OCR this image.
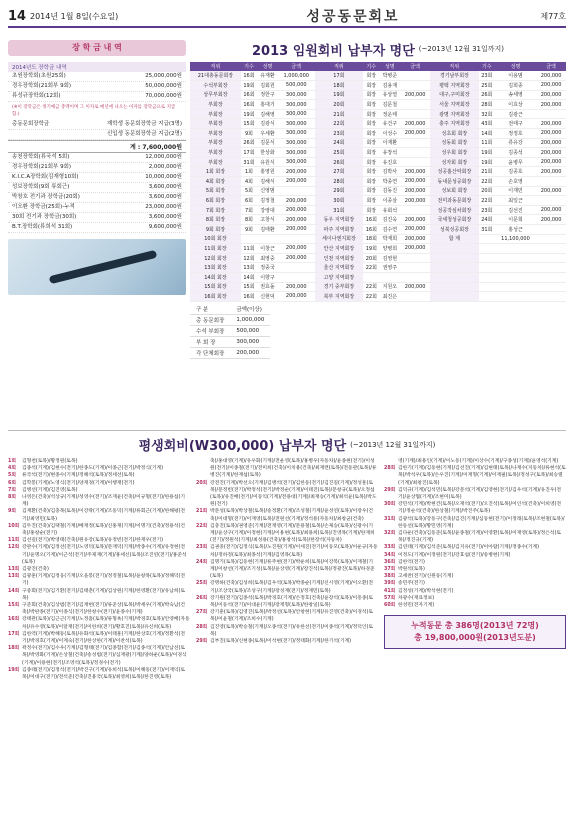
14 2014년 1월 8일(수요일)	성공동문회보	제77호
장 학 금 내 역
2014년도 장학금 내역
초원장학회(초원25회)	25,000,000원
경우장학회(21회부 9회)	50,000,000원
류성규장학회(12회)	70,000,000원
(※이 장학금은 정기예금 총액이며 그 이자로 매년에 나오는 이자를 장학금으로 지급함.)
총동문회장학금	재학생 동문회장학금 지급(3명)
신입생 동문회장학금 지급(2명)
계 : 7,600,000원
송천장학회(류국석 5회)	12,000,000원
경우장학회(21회부 9회)	2,000,000원
K.I.C.A장학회(김재형10회)	10,000,000원
성보장학회(9회 류회근)	3,600,000원
박창호 전기과 장학금(20회)	3,600,000원
이오환 장학금(25회)-누적	23,000,000원
30회 전기과 장학금(30회)	3,600,000원
B.T.장학회(류희석 31회)	9,600,000원
2013 임원회비 납부자 명단 (~2013년 12월 31일까지)
직위	기수	성명	금액	직위	기수	성명	금액	직위	기수	성명	금액
21대총동문회장	16회	유재환	1,000,000	17회	회장	박병준		경기남부회장	23회	이용범	200,000
수석부회장	19회	김회원	500,000	18회	회장	김용재		평택 지역회장	25회	김희종	200,000
상무부회장	16회	정한구	300,000	19회	회장	유상열	200,000	대구,구미회장	26회	송세영	200,000
부회장	16회	홍대기	300,000	20회	회장	김문철		서울 지역회장	28회	이효상	200,000
부회장	19회	김해영	300,000	21회	회장	정운태		광명 지역회장	32회	김광근	
부회장	15회	김광식	300,000	22회	회장	유건구	200,000	충주 지역회장	43회	전태구	200,000
부회장	9회	우세환	300,000	23회	회장	이성수	200,000	성초회 회장	14회	정정호	200,000
부회장	26회	김문식	300,000	24회	회장	이재환		성동회 회장	11회	류유강	200,000
부회장	17회	한상화	300,000	25회	회장	유장석		성우회 회장	19회	김종석	200,000
부회장	31회	유원식	300,000	26회	회장	유진호		성자회 회장	19회	윤병무	200,000
1회 회장	1회	홍영원	200,000	27회	회장	김박사	200,000	성공홈산악회장	21회	김종호	200,000
4회 회장	4회	김해식	200,000	28회	회장	박종연	200,000	동내문성공회장	22회	손호영	
5회 회장	5회	신영범		29회	회장	김동진	200,000	성보회 회장	20회	이재민	200,000
6회 회장	6회	김정철	200,000	30회	회장	이종삼	200,000	전미과동문회장	22회	최일근	
7회 회장	7회	강영대	200,000	31회	회장	유회석		성공작심차회장	23회	김선진	200,000
8회 회장	8회	고창식	200,000	동우 지역회장	16회	김진욱	200,000	국세청성공회장	24회	이문희	200,000
9회 회장	9회	김태환	200,000	파주 지역회장	16회	김수연	200,000	성북성공회장	31회	홍성근	
10회 회장				세이나엔지회장	18회	박재희	200,000	합 계		11,100,000	
11회 회장	11회	이창근	200,000	안산 지역회장	19회	양병희	200,000				
12회 회장	12회	최영중	200,000	인천 지역회장	20회	김영현					
13회 회장	13회	정종국		울산 지역회장	22회	권영주					
14회 회장	14회	이향구		고양 지역회장							
15회 회장	15회	권효돌	200,000	경기 중부회장	22회	지원오	200,000				
16회 회장	16회	신현덕	200,000	북부 지역회장	22회	최진은					
구 분	금액(이상)
총 동문회장	1,000,000
수석 부회장	500,000
부 회 장	300,000
각 단체회장	200,000
평생회비(W300,000) 납부자 명단 (~2013년 12월 31일까지)
1회	김형천(토목)/황정원(토목)
4회	김종석(기계)/김현수(전기)/한종도(기계)/이종근(전기)/박정식(기계)
5회	류국석(전기)/변종수(기계)/정해석(토목)/정세선(토목)
6회	김학봉(기계)/노영식(전기)/양재경(기계)/이행재(전기)
7회	김병선(기계)/김진영(토목)
8회	나영돈(건축)/석상규(기계)/성영수(전기)/조재윤(건축)/이규형(전기)/한용섭(기계)
9회	김재환(건축)/김충목(토목)/이강락(기계)/조동덕(기계)/류회근(기계)/한해평(전기)/최영민(토목)
10회 김두진(건축)/김택철(기계)/배재정(토목)/신홍재(기계)/이명기(건축)/정용석(건축)/홍창순(전기)
11회 김선길(전기)/박영태(건축)/원유강(토목)/유정빈(전기)/한재우(전기)
12회 강관수(기계)/김정선(전기)/노영덕(토목)/문재덕(기계)/박종수(기계)/유정현(전기)/윤명오(기계)/이근석(전기)/주제재(기계)/홍세신(토목)/조진연(전기)/홍준석(토목)
13회 김광진(건축)
13회 김광훈(기계)/김정웅(기계)/오을봉(전기)/정정철(토목)/윤창목(토목)/정해덕(전기)
14회 구중회(전기)/김기환(전기)/김태춘(기계)/김상원(기계)/한영환(전기)/유남희(토목)
15회 구준회(건축)/김상범(전기)/김재헌(전기)/류준상(토목)/박세우(기계)/박숙남(건축)/박판종(전기)/이종식(전기)/한창수(전기)/윤종수(기계)
16회 강태관(토목)/김근근(기계)/노정흠(토목)/류형옥(기계)/박경호(토목)/안영배(자동차)/유수영(토목)/이달재(전기)/이한희(전기)/황호진(토목)/유신희(토목)
17회 김한역(기계)/박해동(토목)/유화석(토목)/이태훈(기계)/한상호(기계)/정환석(전기)/박경호(기계)/이계숙(전기)/한상한(기계)/이찬석(토목)
18회 곽정수(전기)/김수우(기계)/김형태(전기)/김종합(전기)/김종석(기계)/안남선(토목)/박영화(기계)/손상철(건축)/송성범(전기)/심재광(기계)/양하운(토목)/이경식(기계)/이용현(전기)/조영석(토목)/정경수(전기)
19회 김종태(전기)/김정석(전기)/박진구(기계)/유희석(토목)/이해동(전기)/이재익(토목)/이대구(전기)/전석준(건축)/진용국(토목)/최영희(토목)/한진영(토목)
축)/홍대영(기계)/유우화(기계)/전운영(토목)/홍병우(자동차)/윤종현(전기)/이성원(전기)/이종철(전기)/전미희(건축)/이치용(건축)/최재련(토목)/전동관(토목)/류병진(기계)/한재섭(토목)
20회 강전진(기계)/박선오(기계)/김병석(전기)/김한동(전기)/김진길(기계)/정성훈(토목)/문정빈(전기)/박정석(전기)/박정순(기계)/이태진(토목)/문창규(토목)/오정섭(토목)/유진배(전기)/이동익(기계)/전용대(기계)/최재승(기계)/최석윤(토목)/박도원(전기)
21회 박문성(토목)/박상철(토목)/송정환(기계)/조성철(기계)/윤성연(토목)/이장우(건축)/이대형(전기)/이재영(토목)/전원선(기계)/정석용(자동차)/최창균(건축)
22회 김충진(토목)/권영준(기계)/전재영(기계)/문용철(토목)/손제승(토목)/신광수(기계)/윤상구(기계)/이정현(기계)/이용현(토목)/최용희(토목)/진영목(기계)/한재희(전기)/정원석(기계)/최성용(건축)/홍창석(토목)/한장석(자동차)
23회 김권중(전기)/김정식(토목)/노진원(기계)/이세진(전기)/이동모(토목)/이운규(자동차)/정하정(토목)/최종석(기계)/김영목(토목)
24회 김명기(토목)/김동현(기계)/류주현(전기)/박운희(토목)/이강복(토목)/이재철(기계)/이창선(기계)/조기성(토목)/윤상영(기계)/장진석(토목)/정광진(토목)/하경준(토목)
25회 강명하(건축)/김성희(토목)/김우석(토목)/박종순(기계)/신시영(기계)/이오환(전기)/조상국(토목)/조성구(기계)/장성재(전기)/정재민(토목)
26회 강기원(전기)/김종석(토목)/박경호(기계)/손정호(건축)/윤장석(토목)/이흥종(토목)/이동석(전기)/이대윤(기계)/장재형(토목)/한창일(토목)
27회 강기훈(토목)/김영진(토목)/박정선(토목)/안창현(기계)/유진영(건축)/이경석(토목)/이윤철(기계)/조희수(기계)
28회 김진영(토목)/박승철(기계)/오종석(전기)/유한선(전기)/이종석(기계)/정덕인(토목)
29회 김부진(토목)/신현종(토목)/이석현(전기)/정태화(기계)/한기석(기계)
영(기계)/최용인(기계)/이노동(기계)/이상수(기계)/구종성(기계)/윤영석(기계)
28회 김한기(기계)/김동현(기계)/김선진(기계)/김현태(토목)/나재수(지동차)/류현석(토목)/박석우(토목)/손우진(기계)/이재형(기계)/이재필(토목)/정성구(토목)/최승렬(기계)/최창진(토목)
29회 김덕규(기계)/김석민(토목)/강문석(기계)/김영현(전기)/김우석(기계)/유진우(전기)/윤상협(기계)/조현미(토목)
30회 강민석(기계)/박현건(토목)/오재석(전기)/오진석(토목)/이인석(건축)/이희영(전기)/정순석(건축)/한상철(기계)/박진주(토목)
31회 김광석(토목)/강동구(건축)/김진(기계)/심동현(전기)/이정래(토목)/조현철(토목)/한동선(토목)/황민영(기계)
32회 김다운(건축)/김동준(토목)/윤종철(기계)/이영환(토목)/이재영(토목)/정은석(토목)/정진규(기계)
33회 김연태(기계)/김석준(토목)/김지유(전기)/이아람(기계)/정종수(기계)
34회 이정도(기계)/이정원(전기)/강효섭(전기)/송병현(기계)
36회 김한억(전기)
37회 박원석(토목)
38회 고세찬(전기)/신원동(기계)
39회 송민주(전기)
41회 김정성(기계)/박석현(전기)
57회 차광수(재료정보)
60회 한성민(전자기계)
누적동문 총 386명(2013년 72명)
총 19,800,000원(2013년도분)
